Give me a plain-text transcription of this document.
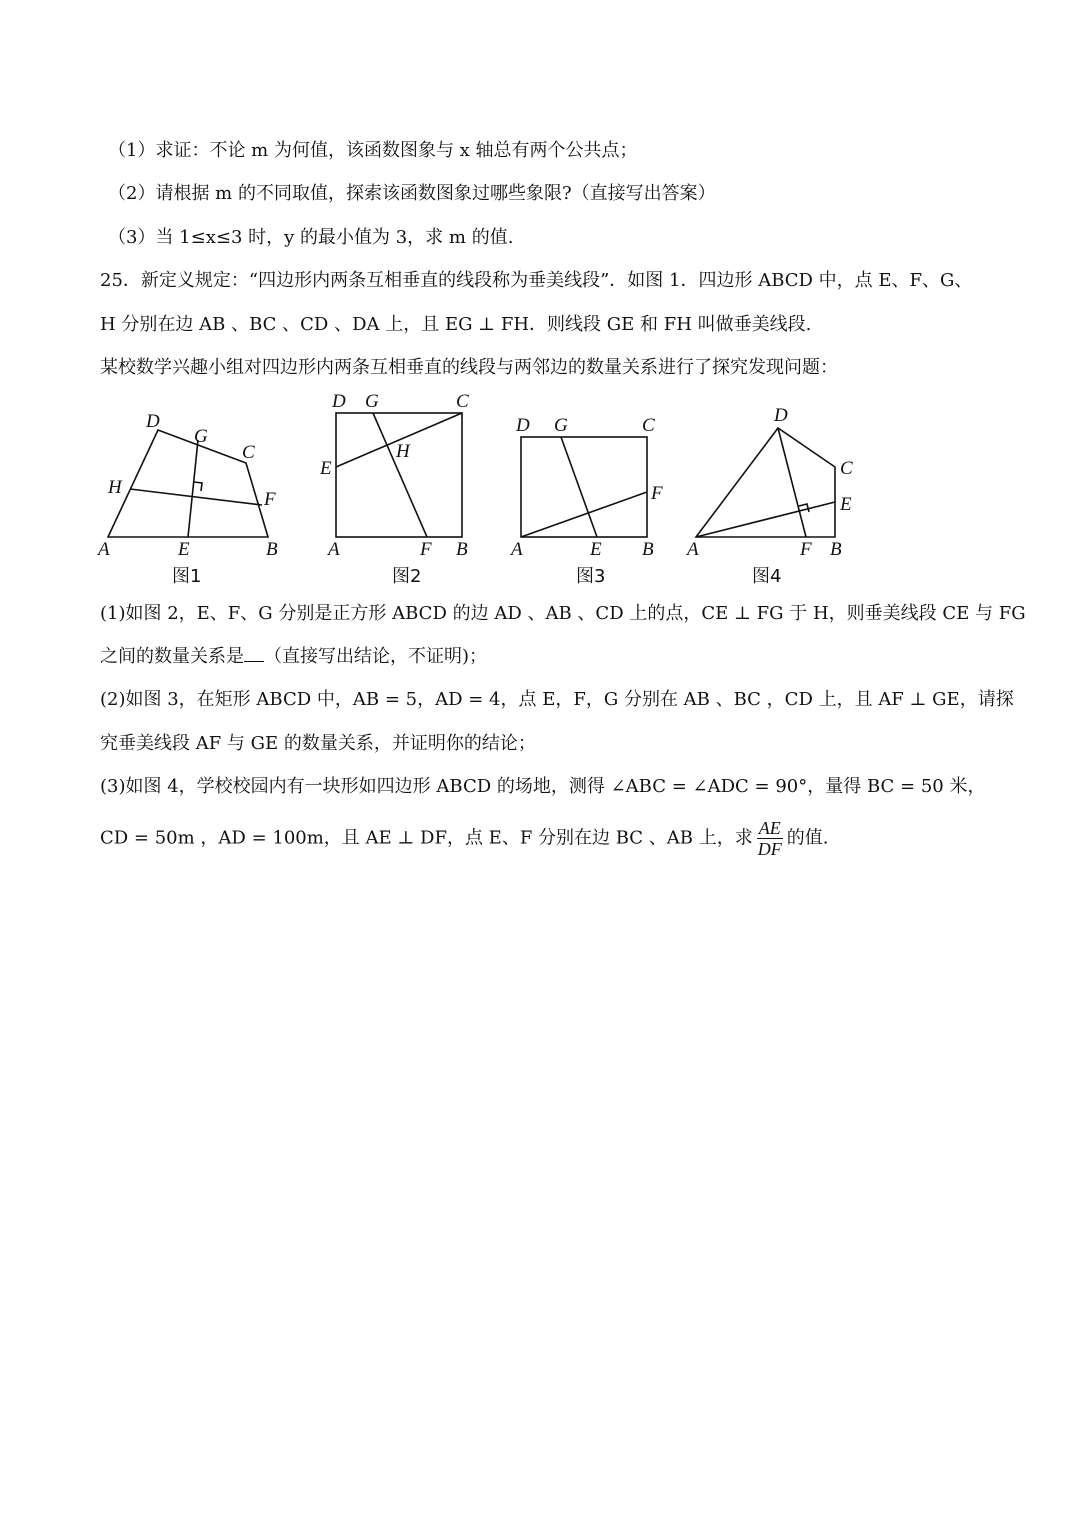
（1）求证：不论 m 为何值，该函数图象与 x 轴总有两个公共点；
（2）请根据 m 的不同取值，探索该函数图象过哪些象限?（直接写出答案）
（3）当 1≤x≤3 时，y 的最小值为 3，求 m 的值.
25．新定义规定：“四边形内两条互相垂直的线段称为垂美线段”．如图 1．四边形 ABCD 中，点 E、F、G、
H 分别在边 AB 、BC 、CD 、DA 上，且 EG ⊥ FH．则线段 GE 和 FH 叫做垂美线段.
某校数学兴趣小组对四边形内两条互相垂直的线段与两邻边的数量关系进行了探究发现问题：
A	B
C
D
E
F
G
H
图1
A	B
C
D
E
F
G
H
图2
A	B
C
D
E
F
G
图3
A	B
C
D
E
F
图4
(1)如图 2，E、F、G 分别是正方形 ABCD 的边 AD 、AB 、CD 上的点，CE ⊥ FG 于 H，则垂美线段 CE 与 FG
之间的数量关系是 （直接写出结论，不证明)；
(2)如图 3，在矩形 ABCD 中，AB = 5，AD = 4，点 E，F，G 分别在 AB 、BC ，CD 上，且 AF ⊥ GE，请探
究垂美线段 AF 与 GE 的数量关系，并证明你的结论；
(3)如图 4，学校校园内有一块形如四边形 ABCD 的场地，测得 ∠ABC = ∠ADC = 90°，量得 BC = 50 米，
CD = 50m ，AD = 100m，且 AE ⊥ DF，点 E、F 分别在边 BC 、AB 上，求 $\frac{AE}{DF}$ 的值.
